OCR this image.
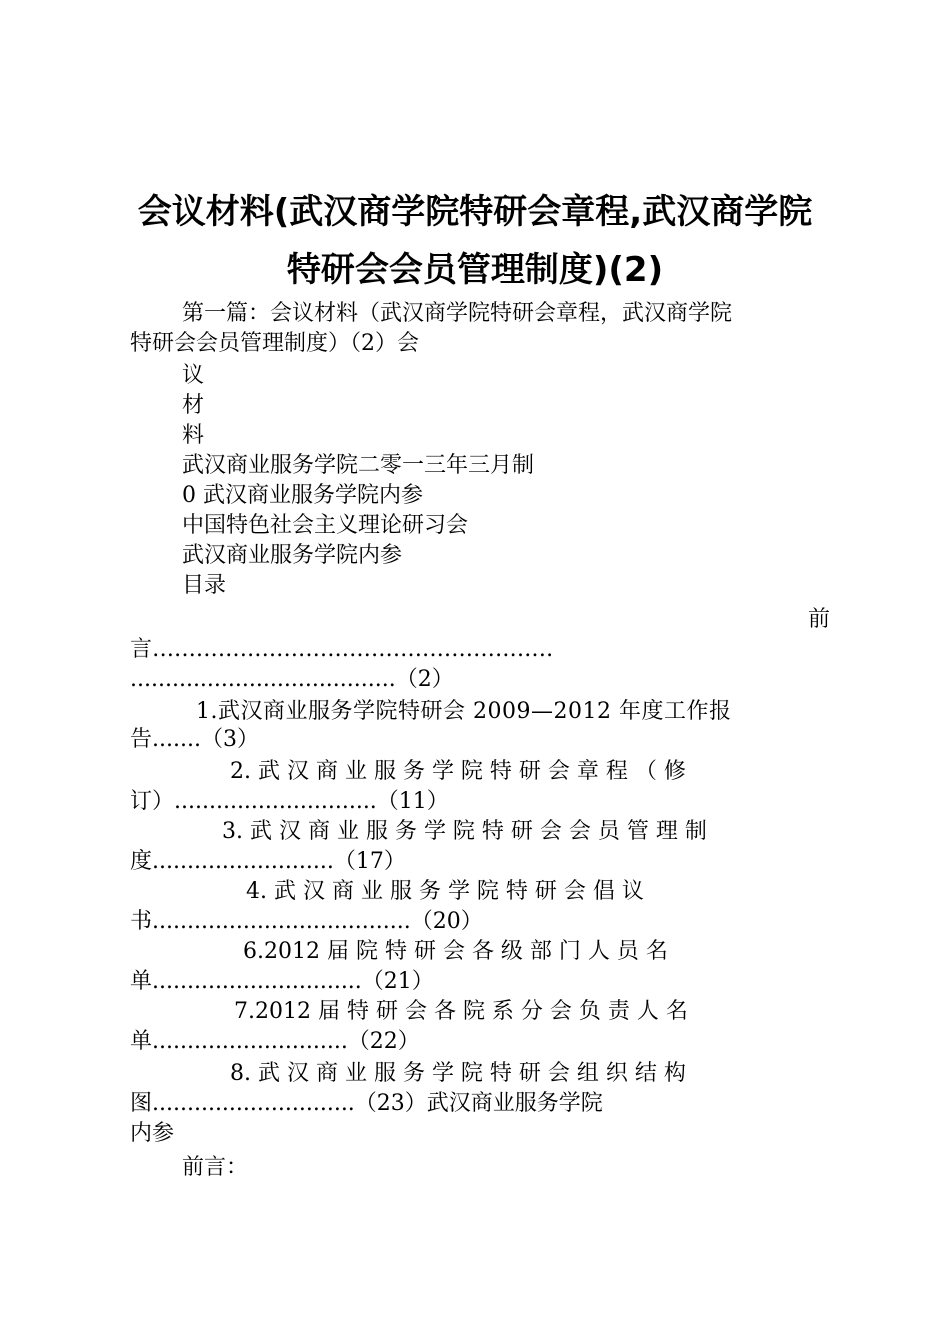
会议材料(武汉商学院特研会章程,武汉商学院
特研会会员管理制度)(2)
第一篇：会议材料（武汉商学院特研会章程，武汉商学院
特研会会员管理制度）（2）会
议
材
料
武汉商业服务学院二零一三年三月制
0 武汉商业服务学院内参
中国特色社会主义理论研习会
武汉商业服务学院内参
目录
前
言.......................................................
......................................（2）
1.武汉商业服务学院特研会 2009—2012 年度工作报
告.......（3）
2. 武 汉 商 业 服 务 学 院 特 研 会 章 程 （ 修
订）.............................（11）
3. 武 汉 商 业 服 务 学 院 特 研 会 会 员 管 理 制
度..........................（17）
4. 武 汉 商 业 服 务 学 院 特 研 会 倡 议
书.....................................（20）
6.2012 届 院 特 研 会 各 级 部 门 人 员 名
单..............................（21）
7.2012 届 特 研 会 各 院 系 分 会 负 责 人 名
单............................（22）
8. 武 汉 商 业 服 务 学 院 特 研 会 组 织 结 构
图.............................（23）武汉商业服务学院
内参
前言：
